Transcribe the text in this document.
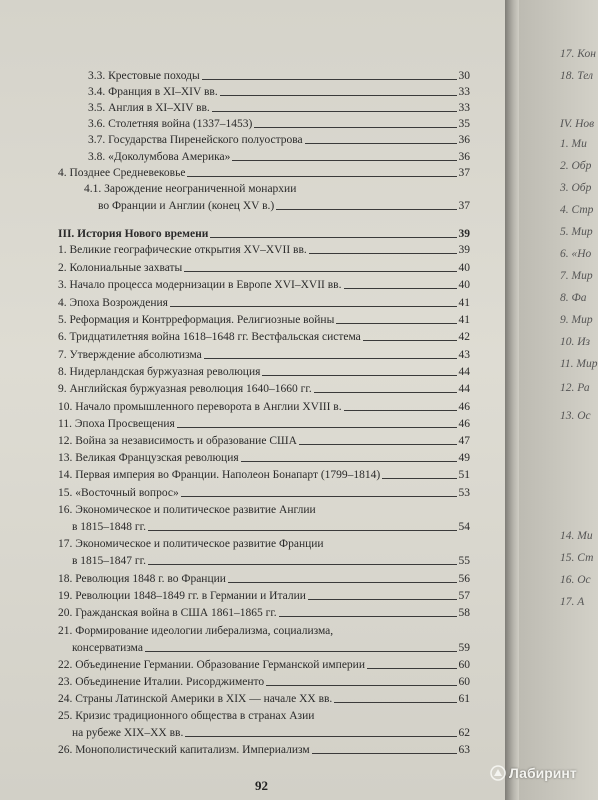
17. Кон
18. Тел
IV. Нов
1. Ми
2. Обр
3. Обр
4. Стр
5. Мир
6. «Но
7. Мир
8. Фа
9. Мир
10. Из
11. Мир
12. Ра
13. Ос
14. Ми
15. Ст
16. Ос
17. А
3.3. Крестовые походы	30
3.4. Франция в XI–XIV вв.	33
3.5. Англия в XI–XIV вв.	33
3.6. Столетняя война (1337–1453)	35
3.7. Государства Пиренейского полуострова	36
3.8. «Доколумбова Америка»	36
4. Позднее Средневековье	37
4.1. Зарождение неограниченной монархии
во Франции и Англии (конец XV в.)	37
III. История Нового времени	39
1. Великие географические открытия XV–XVII вв.	39
2. Колониальные захваты	40
3. Начало процесса модернизации в Европе XVI–XVII вв.	40
4. Эпоха Возрождения	41
5. Реформация и Контрреформация. Религиозные войны	41
6. Тридцатилетняя война 1618–1648 гг. Вестфальская система	42
7. Утверждение абсолютизма	43
8. Нидерландская буржуазная революция	44
9. Английская буржуазная революция 1640–1660 гг.	44
10. Начало промышленного переворота в Англии XVIII в.	46
11. Эпоха Просвещения	46
12. Война за независимость и образование США	47
13. Великая Французская революция	49
14. Первая империя во Франции. Наполеон Бонапарт (1799–1814)	51
15. «Восточный вопрос»	53
16. Экономическое и политическое развитие Англии
в 1815–1848 гг.	54
17. Экономическое и политическое развитие Франции
в 1815–1847 гг.	55
18. Революция 1848 г. во Франции	56
19. Революции 1848–1849 гг. в Германии и Италии	57
20. Гражданская война в США 1861–1865 гг.	58
21. Формирование идеологии либерализма, социализма,
консерватизма	59
22. Объединение Германии. Образование Германской империи	60
23. Объединение Италии. Рисорджименто	60
24. Страны Латинской Америки в XIX — начале XX вв.	61
25. Кризис традиционного общества в странах Азии
на рубеже XIX–XX вв.	62
26. Монополистический капитализм. Империализм	63
92
Лабиринт
